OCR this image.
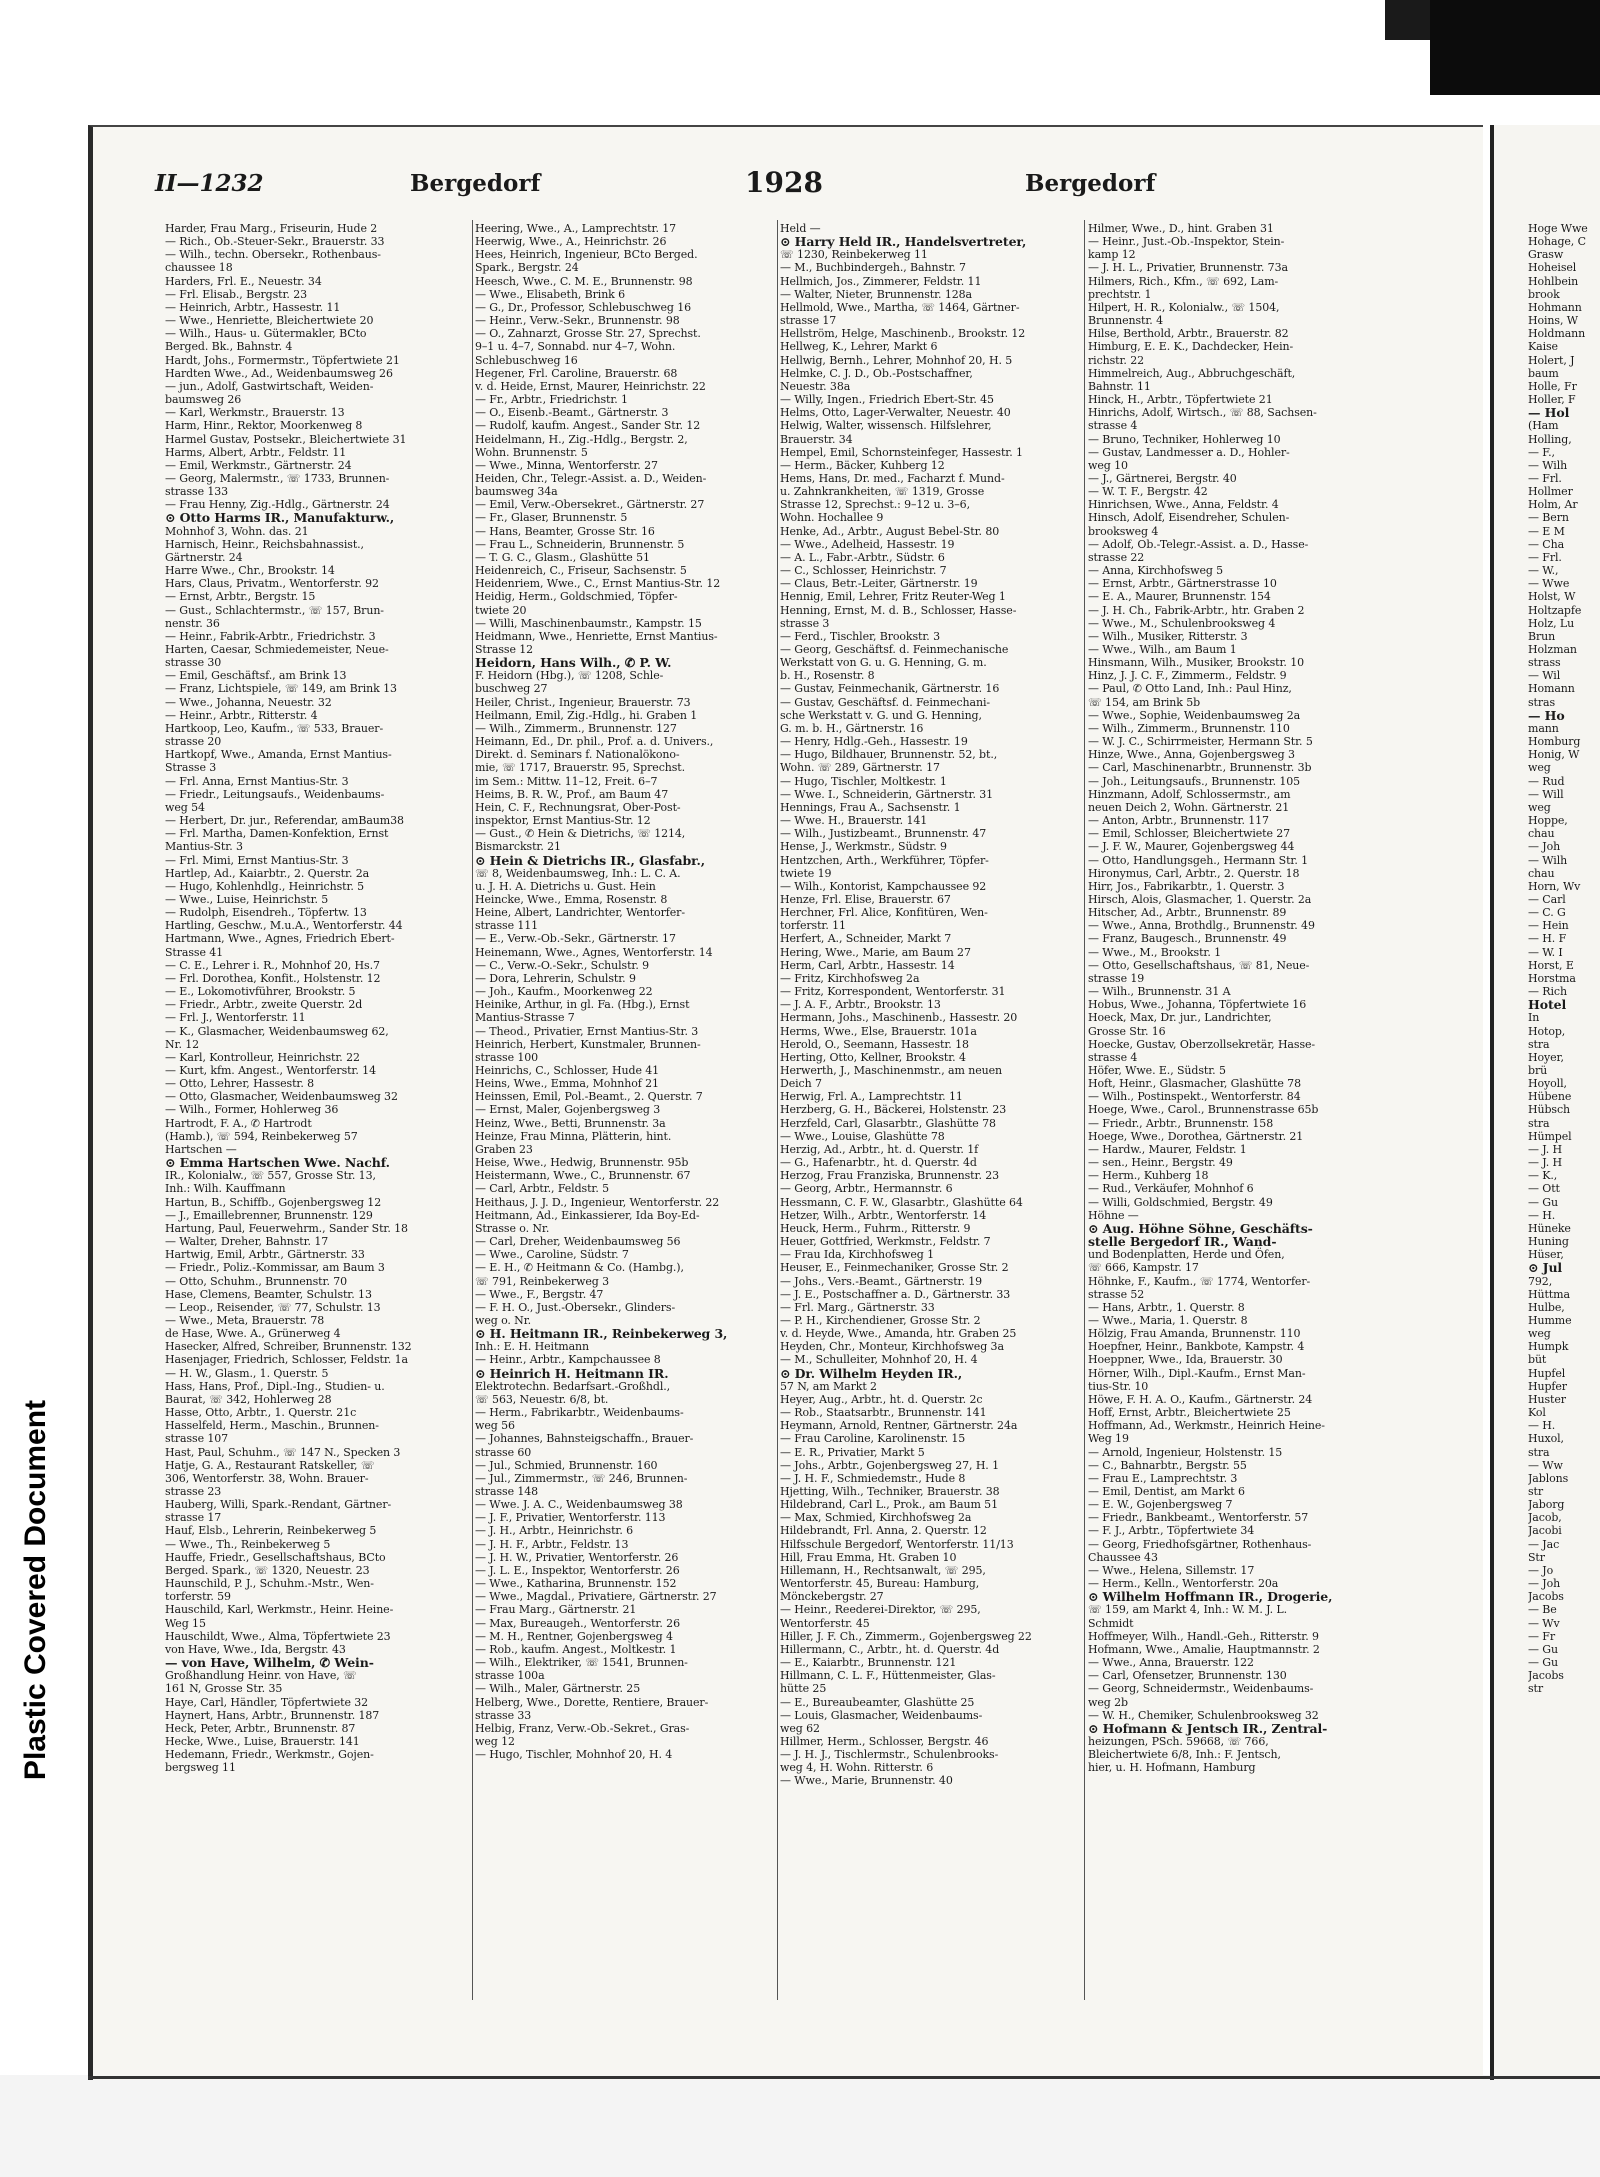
Plastic Covered Document
II—1232	Bergedorf	1928	Bergedorf

Harder, Frau Marg., Friseurin, Hude 2

— Rich., Ob.-Steuer-Sekr., Brauerstr. 33

— Wilh., techn. Obersekr., Rothenbaus-

chaussee 18

Harders, Frl. E., Neuestr. 34

— Frl. Elisab., Bergstr. 23

— Heinrich, Arbtr., Hassestr. 11

— Wwe., Henriette, Bleichertwiete 20

— Wilh., Haus- u. Gütermakler, BCto

Berged. Bk., Bahnstr. 4

Hardt, Johs., Formermstr., Töpfertwiete 21

Hardten Wwe., Ad., Weidenbaumsweg 26

— jun., Adolf, Gastwirtschaft, Weiden-

baumsweg 26

— Karl, Werkmstr., Brauerstr. 13

Harm, Hinr., Rektor, Moorkenweg 8

Harmel Gustav, Postsekr., Bleichertwiete 31

Harms, Albert, Arbtr., Feldstr. 11

— Emil, Werkmstr., Gärtnerstr. 24

— Georg, Malermstr., ☏ 1733, Brunnen-

strasse 133

— Frau Henny, Zig.-Hdlg., Gärtnerstr. 24

⊙ Otto Harms IR., Manufakturw.,

Mohnhof 3, Wohn. das. 21

Harnisch, Heinr., Reichsbahnassist.,

Gärtnerstr. 24

Harre Wwe., Chr., Brookstr. 14

Hars, Claus, Privatm., Wentorferstr. 92

— Ernst, Arbtr., Bergstr. 15

— Gust., Schlachtermstr., ☏ 157, Brun-

nenstr. 36

— Heinr., Fabrik-Arbtr., Friedrichstr. 3

Harten, Caesar, Schmiedemeister, Neue-

strasse 30

— Emil, Geschäftsf., am Brink 13

— Franz, Lichtspiele, ☏ 149, am Brink 13

— Wwe., Johanna, Neuestr. 32

— Heinr., Arbtr., Ritterstr. 4

Hartkoop, Leo, Kaufm., ☏ 533, Brauer-

strasse 20

Hartkopf, Wwe., Amanda, Ernst Mantius-

Strasse 3

— Frl. Anna, Ernst Mantius-Str. 3

— Friedr., Leitungsaufs., Weidenbaums-

weg 54

— Herbert, Dr. jur., Referendar, amBaum38

— Frl. Martha, Damen-Konfektion, Ernst

Mantius-Str. 3

— Frl. Mimi, Ernst Mantius-Str. 3

Hartlep, Ad., Kaiarbtr., 2. Querstr. 2a

— Hugo, Kohlenhdlg., Heinrichstr. 5

— Wwe., Luise, Heinrichstr. 5

— Rudolph, Eisendreh., Töpfertw. 13

Hartling, Geschw., M.u.A., Wentorferstr. 44

Hartmann, Wwe., Agnes, Friedrich Ebert-

Strasse 41

— C. E., Lehrer i. R., Mohnhof 20, Hs.7

— Frl. Dorothea, Konfit., Holstenstr. 12

— E., Lokomotivführer, Brookstr. 5

— Friedr., Arbtr., zweite Querstr. 2d

— Frl. J., Wentorferstr. 11

— K., Glasmacher, Weidenbaumsweg 62,

Nr. 12

— Karl, Kontrolleur, Heinrichstr. 22

— Kurt, kfm. Angest., Wentorferstr. 14

— Otto, Lehrer, Hassestr. 8

— Otto, Glasmacher, Weidenbaumsweg 32

— Wilh., Former, Hohlerweg 36

Hartrodt, F. A., ✆ Hartrodt

(Hamb.), ☏ 594, Reinbekerweg 57

Hartschen —

⊙ Emma Hartschen Wwe. Nachf.

IR., Kolonialw., ☏ 557, Grosse Str. 13,

Inh.: Wilh. Kauffmann

Hartun, B., Schiffb., Gojenbergsweg 12

— J., Emaillebrenner, Brunnenstr. 129

Hartung, Paul, Feuerwehrm., Sander Str. 18

— Walter, Dreher, Bahnstr. 17

Hartwig, Emil, Arbtr., Gärtnerstr. 33

— Friedr., Poliz.-Kommissar, am Baum 3

— Otto, Schuhm., Brunnenstr. 70

Hase, Clemens, Beamter, Schulstr. 13

— Leop., Reisender, ☏ 77, Schulstr. 13

— Wwe., Meta, Brauerstr. 78

de Hase, Wwe. A., Grünerweg 4

Hasecker, Alfred, Schreiber, Brunnenstr. 132

Hasenjager, Friedrich, Schlosser, Feldstr. 1a

— H. W., Glasm., 1. Querstr. 5

Hass, Hans, Prof., Dipl.-Ing., Studien- u.

Baurat, ☏ 342, Hohlerweg 28

Hasse, Otto, Arbtr., 1. Querstr. 21c

Hasselfeld, Herm., Maschin., Brunnen-

strasse 107

Hast, Paul, Schuhm., ☏ 147 N., Specken 3

Hatje, G. A., Restaurant Ratskeller, ☏

306, Wentorferstr. 38, Wohn. Brauer-

strasse 23

Hauberg, Willi, Spark.-Rendant, Gärtner-

strasse 17

Hauf, Elsb., Lehrerin, Reinbekerweg 5

— Wwe., Th., Reinbekerweg 5

Hauffe, Friedr., Gesellschaftshaus, BCto

Berged. Spark., ☏ 1320, Neuestr. 23

Haunschild, P. J., Schuhm.-Mstr., Wen-

torferstr. 59

Hauschild, Karl, Werkmstr., Heinr. Heine-

Weg 15

Hauschildt, Wwe., Alma, Töpfertwiete 23

von Have, Wwe., Ida, Bergstr. 43

— von Have, Wilhelm, ✆ Wein-

Großhandlung Heinr. von Have, ☏

161 N, Grosse Str. 35

Haye, Carl, Händler, Töpfertwiete 32

Haynert, Hans, Arbtr., Brunnenstr. 187

Heck, Peter, Arbtr., Brunnenstr. 87

Hecke, Wwe., Luise, Brauerstr. 141

Hedemann, Friedr., Werkmstr., Gojen-

bergsweg 11

Heering, Wwe., A., Lamprechtstr. 17

Heerwig, Wwe., A., Heinrichstr. 26

Hees, Heinrich, Ingenieur, BCto Berged.

Spark., Bergstr. 24

Heesch, Wwe., C. M. E., Brunnenstr. 98

— Wwe., Elisabeth, Brink 6

— G., Dr., Professor, Schlebuschweg 16

— Heinr., Verw.-Sekr., Brunnenstr. 98

— O., Zahnarzt, Grosse Str. 27, Sprechst.

9–1 u. 4–7, Sonnabd. nur 4–7, Wohn.

Schlebuschweg 16

Hegener, Frl. Caroline, Brauerstr. 68

v. d. Heide, Ernst, Maurer, Heinrichstr. 22

— Fr., Arbtr., Friedrichstr. 1

— O., Eisenb.-Beamt., Gärtnerstr. 3

— Rudolf, kaufm. Angest., Sander Str. 12

Heidelmann, H., Zig.-Hdlg., Bergstr. 2,

Wohn. Brunnenstr. 5

— Wwe., Minna, Wentorferstr. 27

Heiden, Chr., Telegr.-Assist. a. D., Weiden-

baumsweg 34a

— Emil, Verw.-Obersekret., Gärtnerstr. 27

— Fr., Glaser, Brunnenstr. 5

— Hans, Beamter, Grosse Str. 16

— Frau L., Schneiderin, Brunnenstr. 5

— T. G. C., Glasm., Glashütte 51

Heidenreich, C., Friseur, Sachsenstr. 5

Heidenriem, Wwe., C., Ernst Mantius-Str. 12

Heidig, Herm., Goldschmied, Töpfer-

twiete 20

— Willi, Maschinenbaumstr., Kampstr. 15

Heidmann, Wwe., Henriette, Ernst Mantius-

Strasse 12

Heidorn, Hans Wilh., ✆ P. W.

F. Heidorn (Hbg.), ☏ 1208, Schle-

buschweg 27

Heiler, Christ., Ingenieur, Brauerstr. 73

Heilmann, Emil, Zig.-Hdlg., hi. Graben 1

— Wilh., Zimmerm., Brunnenstr. 127

Heimann, Ed., Dr. phil., Prof. a. d. Univers.,

Direkt. d. Seminars f. Nationalökono-

mie, ☏ 1717, Brauerstr. 95, Sprechst.

im Sem.: Mittw. 11–12, Freit. 6–7

Heims, B. R. W., Prof., am Baum 47

Hein, C. F., Rechnungsrat, Ober-Post-

inspektor, Ernst Mantius-Str. 12

— Gust., ✆ Hein & Dietrichs, ☏ 1214,

Bismarckstr. 21

⊙ Hein & Dietrichs IR., Glasfabr.,

☏ 8, Weidenbaumsweg, Inh.: L. C. A.

u. J. H. A. Dietrichs u. Gust. Hein

Heincke, Wwe., Emma, Rosenstr. 8

Heine, Albert, Landrichter, Wentorfer-

strasse 111

— E., Verw.-Ob.-Sekr., Gärtnerstr. 17

Heinemann, Wwe., Agnes, Wentorferstr. 14

— C., Verw.-O.-Sekr., Schulstr. 9

— Dora, Lehrerin, Schulstr. 9

— Joh., Kaufm., Moorkenweg 22

Heinike, Arthur, in gl. Fa. (Hbg.), Ernst

Mantius-Strasse 7

— Theod., Privatier, Ernst Mantius-Str. 3

Heinrich, Herbert, Kunstmaler, Brunnen-

strasse 100

Heinrichs, C., Schlosser, Hude 41

Heins, Wwe., Emma, Mohnhof 21

Heinssen, Emil, Pol.-Beamt., 2. Querstr. 7

— Ernst, Maler, Gojenbergsweg 3

Heinz, Wwe., Betti, Brunnenstr. 3a

Heinze, Frau Minna, Plätterin, hint.

Graben 23

Heise, Wwe., Hedwig, Brunnenstr. 95b

Heistermann, Wwe., C., Brunnenstr. 67

— Carl, Arbtr., Feldstr. 5

Heithaus, J. J. D., Ingenieur, Wentorferstr. 22

Heitmann, Ad., Einkassierer, Ida Boy-Ed-

Strasse o. Nr.

— Carl, Dreher, Weidenbaumsweg 56

— Wwe., Caroline, Südstr. 7

— E. H., ✆ Heitmann & Co. (Hambg.),

☏ 791, Reinbekerweg 3

— Wwe., F., Bergstr. 47

— F. H. O., Just.-Obersekr., Glinders-

weg o. Nr.

⊙ H. Heitmann IR., Reinbekerweg 3,

Inh.: E. H. Heitmann

— Heinr., Arbtr., Kampchaussee 8

⊙ Heinrich H. Heitmann IR.

Elektrotechn. Bedarfsart.-Großhdl.,

☏ 563, Neuestr. 6/8, bt.

— Herm., Fabrikarbtr., Weidenbaums-

weg 56

— Johannes, Bahnsteigschaffn., Brauer-

strasse 60

— Jul., Schmied, Brunnenstr. 160

— Jul., Zimmermstr., ☏ 246, Brunnen-

strasse 148

— Wwe. J. A. C., Weidenbaumsweg 38

— J. F., Privatier, Wentorferstr. 113

— J. H., Arbtr., Heinrichstr. 6

— J. H. F., Arbtr., Feldstr. 13

— J. H. W., Privatier, Wentorferstr. 26

— J. L. E., Inspektor, Wentorferstr. 26

— Wwe., Katharina, Brunnenstr. 152

— Wwe., Magdal., Privatiere, Gärtnerstr. 27

— Frau Marg., Gärtnerstr. 21

— Max, Bureaugeh., Wentorferstr. 26

— M. H., Rentner, Gojenbergsweg 4

— Rob., kaufm. Angest., Moltkestr. 1

— Wilh., Elektriker, ☏ 1541, Brunnen-

strasse 100a

— Wilh., Maler, Gärtnerstr. 25

Helberg, Wwe., Dorette, Rentiere, Brauer-

strasse 33

Helbig, Franz, Verw.-Ob.-Sekret., Gras-

weg 12

— Hugo, Tischler, Mohnhof 20, H. 4

Held —

⊙ Harry Held IR., Handelsvertreter,

☏ 1230, Reinbekerweg 11

— M., Buchbindergeh., Bahnstr. 7

Hellmich, Jos., Zimmerer, Feldstr. 11

— Walter, Nieter, Brunnenstr. 128a

Hellmold, Wwe., Martha, ☏ 1464, Gärtner-

strasse 17

Hellström, Helge, Maschinenb., Brookstr. 12

Hellweg, K., Lehrer, Markt 6

Hellwig, Bernh., Lehrer, Mohnhof 20, H. 5

Helmke, C. J. D., Ob.-Postschaffner,

Neuestr. 38a

— Willy, Ingen., Friedrich Ebert-Str. 45

Helms, Otto, Lager-Verwalter, Neuestr. 40

Helwig, Walter, wissensch. Hilfslehrer,

Brauerstr. 34

Hempel, Emil, Schornsteinfeger, Hassestr. 1

— Herm., Bäcker, Kuhberg 12

Hems, Hans, Dr. med., Facharzt f. Mund-

u. Zahnkrankheiten, ☏ 1319, Grosse

Strasse 12, Sprechst.: 9–12 u. 3–6,

Wohn. Hochallee 9

Henke, Ad., Arbtr., August Bebel-Str. 80

— Wwe., Adelheid, Hassestr. 19

— A. L., Fabr.-Arbtr., Südstr. 6

— C., Schlosser, Heinrichstr. 7

— Claus, Betr.-Leiter, Gärtnerstr. 19

Hennig, Emil, Lehrer, Fritz Reuter-Weg 1

Henning, Ernst, M. d. B., Schlosser, Hasse-

strasse 3

— Ferd., Tischler, Brookstr. 3

— Georg, Geschäftsf. d. Feinmechanische

Werkstatt von G. u. G. Henning, G. m.

b. H., Rosenstr. 8

— Gustav, Feinmechanik, Gärtnerstr. 16

— Gustav, Geschäftsf. d. Feinmechani-

sche Werkstatt v. G. und G. Henning,

G. m. b. H., Gärtnerstr. 16

— Henry, Hdlg.-Geh., Hassestr. 19

— Hugo, Bildhauer, Brunnenstr. 52, bt.,

Wohn. ☏ 289, Gärtnerstr. 17

— Hugo, Tischler, Moltkestr. 1

— Wwe. I., Schneiderin, Gärtnerstr. 31

Hennings, Frau A., Sachsenstr. 1

— Wwe. H., Brauerstr. 141

— Wilh., Justizbeamt., Brunnenstr. 47

Hense, J., Werkmstr., Südstr. 9

Hentzchen, Arth., Werkführer, Töpfer-

twiete 19

— Wilh., Kontorist, Kampchaussee 92

Henze, Frl. Elise, Brauerstr. 67

Herchner, Frl. Alice, Konfitüren, Wen-

torferstr. 11

Herfert, A., Schneider, Markt 7

Hering, Wwe., Marie, am Baum 27

Herm, Carl, Arbtr., Hassestr. 14

— Fritz, Kirchhofsweg 2a

— Fritz, Korrespondent, Wentorferstr. 31

— J. A. F., Arbtr., Brookstr. 13

Hermann, Johs., Maschinenb., Hassestr. 20

Herms, Wwe., Else, Brauerstr. 101a

Herold, O., Seemann, Hassestr. 18

Herting, Otto, Kellner, Brookstr. 4

Herwerth, J., Maschinenmstr., am neuen

Deich 7

Herwig, Frl. A., Lamprechtstr. 11

Herzberg, G. H., Bäckerei, Holstenstr. 23

Herzfeld, Carl, Glasarbtr., Glashütte 78

— Wwe., Louise, Glashütte 78

Herzig, Ad., Arbtr., ht. d. Querstr. 1f

— G., Hafenarbtr., ht. d. Querstr. 4d

Herzog, Frau Franziska, Brunnenstr. 23

— Georg, Arbtr., Hermannstr. 6

Hessmann, C. F. W., Glasarbtr., Glashütte 64

Hetzer, Wilh., Arbtr., Wentorferstr. 14

Heuck, Herm., Fuhrm., Ritterstr. 9

Heuer, Gottfried, Werkmstr., Feldstr. 7

— Frau Ida, Kirchhofsweg 1

Heuser, E., Feinmechaniker, Grosse Str. 2

— Johs., Vers.-Beamt., Gärtnerstr. 19

— J. E., Postschaffner a. D., Gärtnerstr. 33

— Frl. Marg., Gärtnerstr. 33

— P. H., Kirchendiener, Grosse Str. 2

v. d. Heyde, Wwe., Amanda, htr. Graben 25

Heyden, Chr., Monteur, Kirchhofsweg 3a

— M., Schulleiter, Mohnhof 20, H. 4

⊙ Dr. Wilhelm Heyden IR.,

57 N, am Markt 2

Heyer, Aug., Arbtr., ht. d. Querstr. 2c

— Rob., Staatsarbtr., Brunnenstr. 141

Heymann, Arnold, Rentner, Gärtnerstr. 24a

— Frau Caroline, Karolinenstr. 15

— E. R., Privatier, Markt 5

— Johs., Arbtr., Gojenbergsweg 27, H. 1

— J. H. F., Schmiedemstr., Hude 8

Hjetting, Wilh., Techniker, Brauerstr. 38

Hildebrand, Carl L., Prok., am Baum 51

— Max, Schmied, Kirchhofsweg 2a

Hildebrandt, Frl. Anna, 2. Querstr. 12

Hilfsschule Bergedorf, Wentorferstr. 11/13

Hill, Frau Emma, Ht. Graben 10

Hillemann, H., Rechtsanwalt, ☏ 295,

Wentorferstr. 45, Bureau: Hamburg,

Mönckebergstr. 27

— Heinr., Reederei-Direktor, ☏ 295,

Wentorferstr. 45

Hiller, J. F. Ch., Zimmerm., Gojenbergsweg 22

Hillermann, C., Arbtr., ht. d. Querstr. 4d

— E., Kaiarbtr., Brunnenstr. 121

Hillmann, C. L. F., Hüttenmeister, Glas-

hütte 25

— E., Bureaubeamter, Glashütte 25

— Louis, Glasmacher, Weidenbaums-

weg 62

Hillmer, Herm., Schlosser, Bergstr. 46

— J. H. J., Tischlermstr., Schulenbrooks-

weg 4, H. Wohn. Ritterstr. 6

— Wwe., Marie, Brunnenstr. 40

Hilmer, Wwe., D., hint. Graben 31

— Heinr., Just.-Ob.-Inspektor, Stein-

kamp 12

— J. H. L., Privatier, Brunnenstr. 73a

Hilmers, Rich., Kfm., ☏ 692, Lam-

prechtstr. 1

Hilpert, H. R., Kolonialw., ☏ 1504,

Brunnenstr. 4

Hilse, Berthold, Arbtr., Brauerstr. 82

Himburg, E. E. K., Dachdecker, Hein-

richstr. 22

Himmelreich, Aug., Abbruchgeschäft,

Bahnstr. 11

Hinck, H., Arbtr., Töpfertwiete 21

Hinrichs, Adolf, Wirtsch., ☏ 88, Sachsen-

strasse 4

— Bruno, Techniker, Hohlerweg 10

— Gustav, Landmesser a. D., Hohler-

weg 10

— J., Gärtnerei, Bergstr. 40

— W. T. F., Bergstr. 42

Hinrichsen, Wwe., Anna, Feldstr. 4

Hinsch, Adolf, Eisendreher, Schulen-

brooksweg 4

— Adolf, Ob.-Telegr.-Assist. a. D., Hasse-

strasse 22

— Anna, Kirchhofsweg 5

— Ernst, Arbtr., Gärtnerstrasse 10

— E. A., Maurer, Brunnenstr. 154

— J. H. Ch., Fabrik-Arbtr., htr. Graben 2

— Wwe., M., Schulenbrooksweg 4

— Wilh., Musiker, Ritterstr. 3

— Wwe., Wilh., am Baum 1

Hinsmann, Wilh., Musiker, Brookstr. 10

Hinz, J. J. C. F., Zimmerm., Feldstr. 9

— Paul, ✆ Otto Land, Inh.: Paul Hinz,

☏ 154, am Brink 5b

— Wwe., Sophie, Weidenbaumsweg 2a

— Wilh., Zimmerm., Brunnenstr. 110

— W. J. C., Schirrmeister, Hermann Str. 5

Hinze, Wwe., Anna, Gojenbergsweg 3

— Carl, Maschinenarbtr., Brunnenstr. 3b

— Joh., Leitungsaufs., Brunnenstr. 105

Hinzmann, Adolf, Schlossermstr., am

neuen Deich 2, Wohn. Gärtnerstr. 21

— Anton, Arbtr., Brunnenstr. 117

— Emil, Schlosser, Bleichertwiete 27

— J. F. W., Maurer, Gojenbergsweg 44

— Otto, Handlungsgeh., Hermann Str. 1

Hironymus, Carl, Arbtr., 2. Querstr. 18

Hirr, Jos., Fabrikarbtr., 1. Querstr. 3

Hirsch, Alois, Glasmacher, 1. Querstr. 2a

Hitscher, Ad., Arbtr., Brunnenstr. 89

— Wwe., Anna, Brothdlg., Brunnenstr. 49

— Franz, Baugesch., Brunnenstr. 49

— Wwe., M., Brookstr. 1

— Otto, Gesellschaftshaus, ☏ 81, Neue-

strasse 19

— Wilh., Brunnenstr. 31 A

Hobus, Wwe., Johanna, Töpfertwiete 16

Hoeck, Max, Dr. jur., Landrichter,

Grosse Str. 16

Hoecke, Gustav, Oberzollsekretär, Hasse-

strasse 4

Höfer, Wwe. E., Südstr. 5

Hoft, Heinr., Glasmacher, Glashütte 78

— Wilh., Postinspekt., Wentorferstr. 84

Hoege, Wwe., Carol., Brunnenstrasse 65b

— Friedr., Arbtr., Brunnenstr. 158

Hoege, Wwe., Dorothea, Gärtnerstr. 21

— Hardw., Maurer, Feldstr. 1

— sen., Heinr., Bergstr. 49

— Herm., Kuhberg 18

— Rud., Verkäufer, Mohnhof 6

— Willi, Goldschmied, Bergstr. 49

Höhne —

⊙ Aug. Höhne Söhne, Geschäfts-

stelle Bergedorf IR., Wand-

und Bodenplatten, Herde und Öfen,

☏ 666, Kampstr. 17

Höhnke, F., Kaufm., ☏ 1774, Wentorfer-

strasse 52

— Hans, Arbtr., 1. Querstr. 8

— Wwe., Maria, 1. Querstr. 8

Hölzig, Frau Amanda, Brunnenstr. 110

Hoepfner, Heinr., Bankbote, Kampstr. 4

Hoeppner, Wwe., Ida, Brauerstr. 30

Hörner, Wilh., Dipl.-Kaufm., Ernst Man-

tius-Str. 10

Höwe, F. H. A. O., Kaufm., Gärtnerstr. 24

Hoff, Ernst, Arbtr., Bleichertwiete 25

Hoffmann, Ad., Werkmstr., Heinrich Heine-

Weg 19

— Arnold, Ingenieur, Holstenstr. 15

— C., Bahnarbtr., Bergstr. 55

— Frau E., Lamprechtstr. 3

— Emil, Dentist, am Markt 6

— E. W., Gojenbergsweg 7

— Friedr., Bankbeamt., Wentorferstr. 57

— F. J., Arbtr., Töpfertwiete 34

— Georg, Friedhofsgärtner, Rothenhaus-

Chaussee 43

— Wwe., Helena, Sillemstr. 17

— Herm., Kelln., Wentorferstr. 20a

⊙ Wilhelm Hoffmann IR., Drogerie,

☏ 159, am Markt 4, Inh.: W. M. J. L.

Schmidt

Hoffmeyer, Wilh., Handl.-Geh., Ritterstr. 9

Hofmann, Wwe., Amalie, Hauptmannstr. 2

— Wwe., Anna, Brauerstr. 122

— Carl, Ofensetzer, Brunnenstr. 130

— Georg, Schneidermstr., Weidenbaums-

weg 2b

— W. H., Chemiker, Schulenbrooksweg 32

⊙ Hofmann & Jentsch IR., Zentral-

heizungen, PSch. 59668, ☏ 766,

Bleichertwiete 6/8, Inh.: F. Jentsch,

hier, u. H. Hofmann, Hamburg

Hoge Wwe

Hohage, C

Grasw

Hoheisel

Hohlbein

brook

Hohmann

Hoins, W

Holdmann

Kaise

Holert, J

baum

Holle, Fr

Holler, F

— Hol

(Ham

Holling,

— F.,

— Wilh

— Frl.

Hollmer

Holm, Ar

— Bern

— E M

— Cha

— Frl.

— W.,

— Wwe

Holst, W

Holtzapfe

Holz, Lu

Brun

Holzman

strass

— Wil

Homann

stras

— Ho

mann

Homburg

Honig, W

weg

— Rud

— Will

weg

Hoppe,

chau

— Joh

— Wilh

chau

Horn, Wv

— Carl

— C. G

— Hein

— H. F

— W. I

Horst, E

Horstma

— Rich

Hotel

In

Hotop,

stra

Hoyer,

brü

Hoyoll,

Hübene

Hübsch

stra

Hümpel

— J. H

— J. H

— K.,

— Ott

— Gu

— H.

Hüneke

Huning

Hüser,

⊙ Jul

792,

Hüttma

Hulbe,

Humme

weg

Humpk

büt

Hupfel

Hupfer

Huster

Kol

— H.

Huxol,

stra

— Ww

Jablons

str

Jaborg

Jacob,

Jacobi

— Jac

Str

— Jo

— Joh

Jacobs

— Be

— Wv

— Fr

— Gu

— Gu

Jacobs

str
